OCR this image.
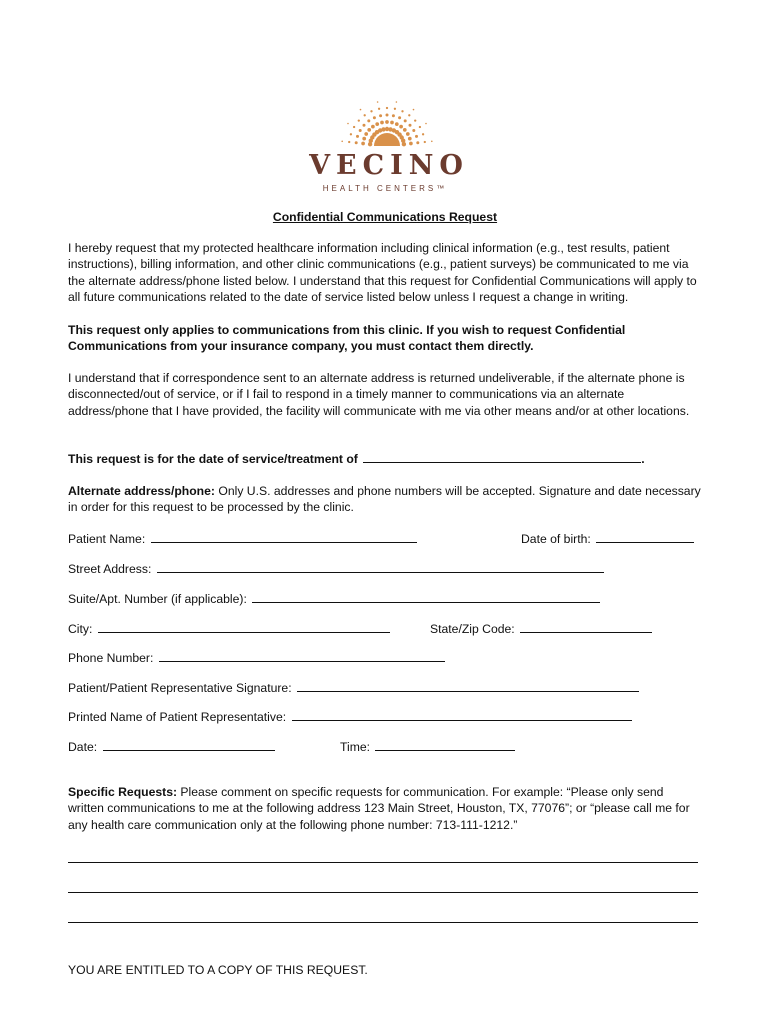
VECINO
HEALTH CENTERS™
Confidential Communications Request
I hereby request that my protected healthcare information including clinical information (e.g., test results, patient instructions), billing information, and other clinic communications (e.g., patient surveys) be communicated to me via the alternate address/phone listed below. I understand that this request for Confidential Communications will apply to all future communications related to the date of service listed below unless I request a change in writing.
This request only applies to communications from this clinic. If you wish to request Confidential Communications from your insurance company, you must contact them directly.
I understand that if correspondence sent to an alternate address is returned undeliverable, if the alternate phone is disconnected/out of service, or if I fail to respond in a timely manner to communications via an alternate address/phone that I have provided, the facility will communicate with me via other means and/or at other locations.
This request is for the date of service/treatment of	.
Alternate address/phone: Only U.S. addresses and phone numbers will be accepted. Signature and date necessary in order for this request to be processed by the clinic.
Patient Name:	Date of birth:
Street Address:
Suite/Apt. Number (if applicable):
City:	State/Zip Code:
Phone Number:
Patient/Patient Representative Signature:
Printed Name of Patient Representative:
Date:	Time:
Specific Requests: Please comment on specific requests for communication. For example: “Please only send written communications to me at the following address 123 Main Street, Houston, TX, 77076”; or “please call me for any health care communication only at the following phone number: 713-111-1212.”
YOU ARE ENTITLED TO A COPY OF THIS REQUEST.
